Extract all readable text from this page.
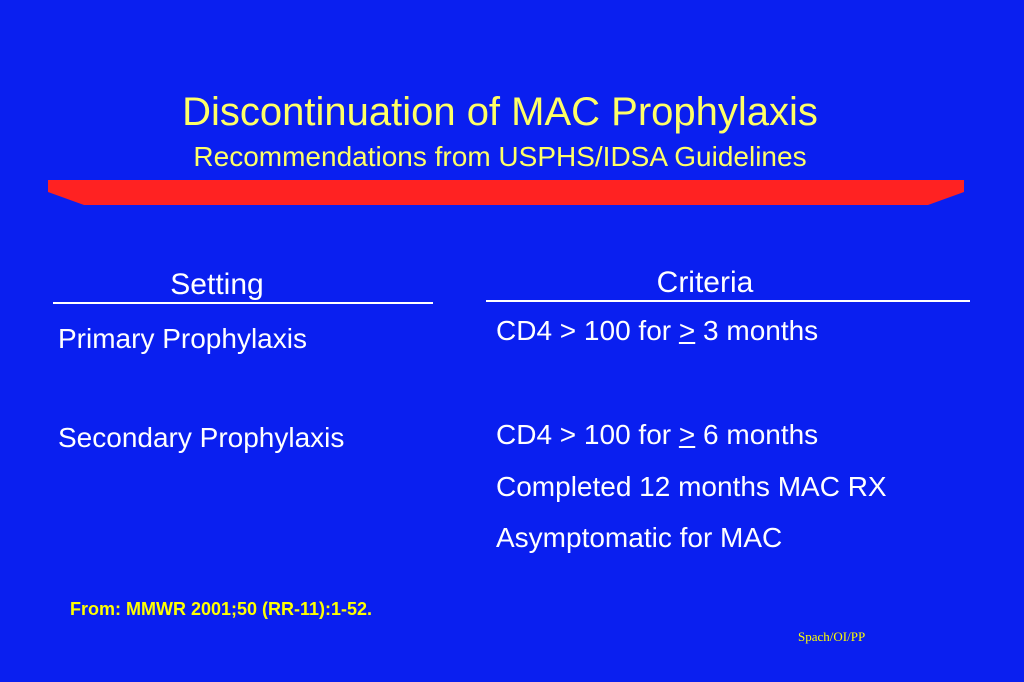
Discontinuation of MAC Prophylaxis
Recommendations from USPHS/IDSA Guidelines
Setting	Criteria
Primary Prophylaxis	CD4 > 100 for > 3 months
Secondary Prophylaxis	CD4 > 100 for > 6 months
Completed 12 months MAC RX
Asymptomatic for MAC
From: MMWR 2001;50 (RR-11):1-52.
Spach/OI/PP
